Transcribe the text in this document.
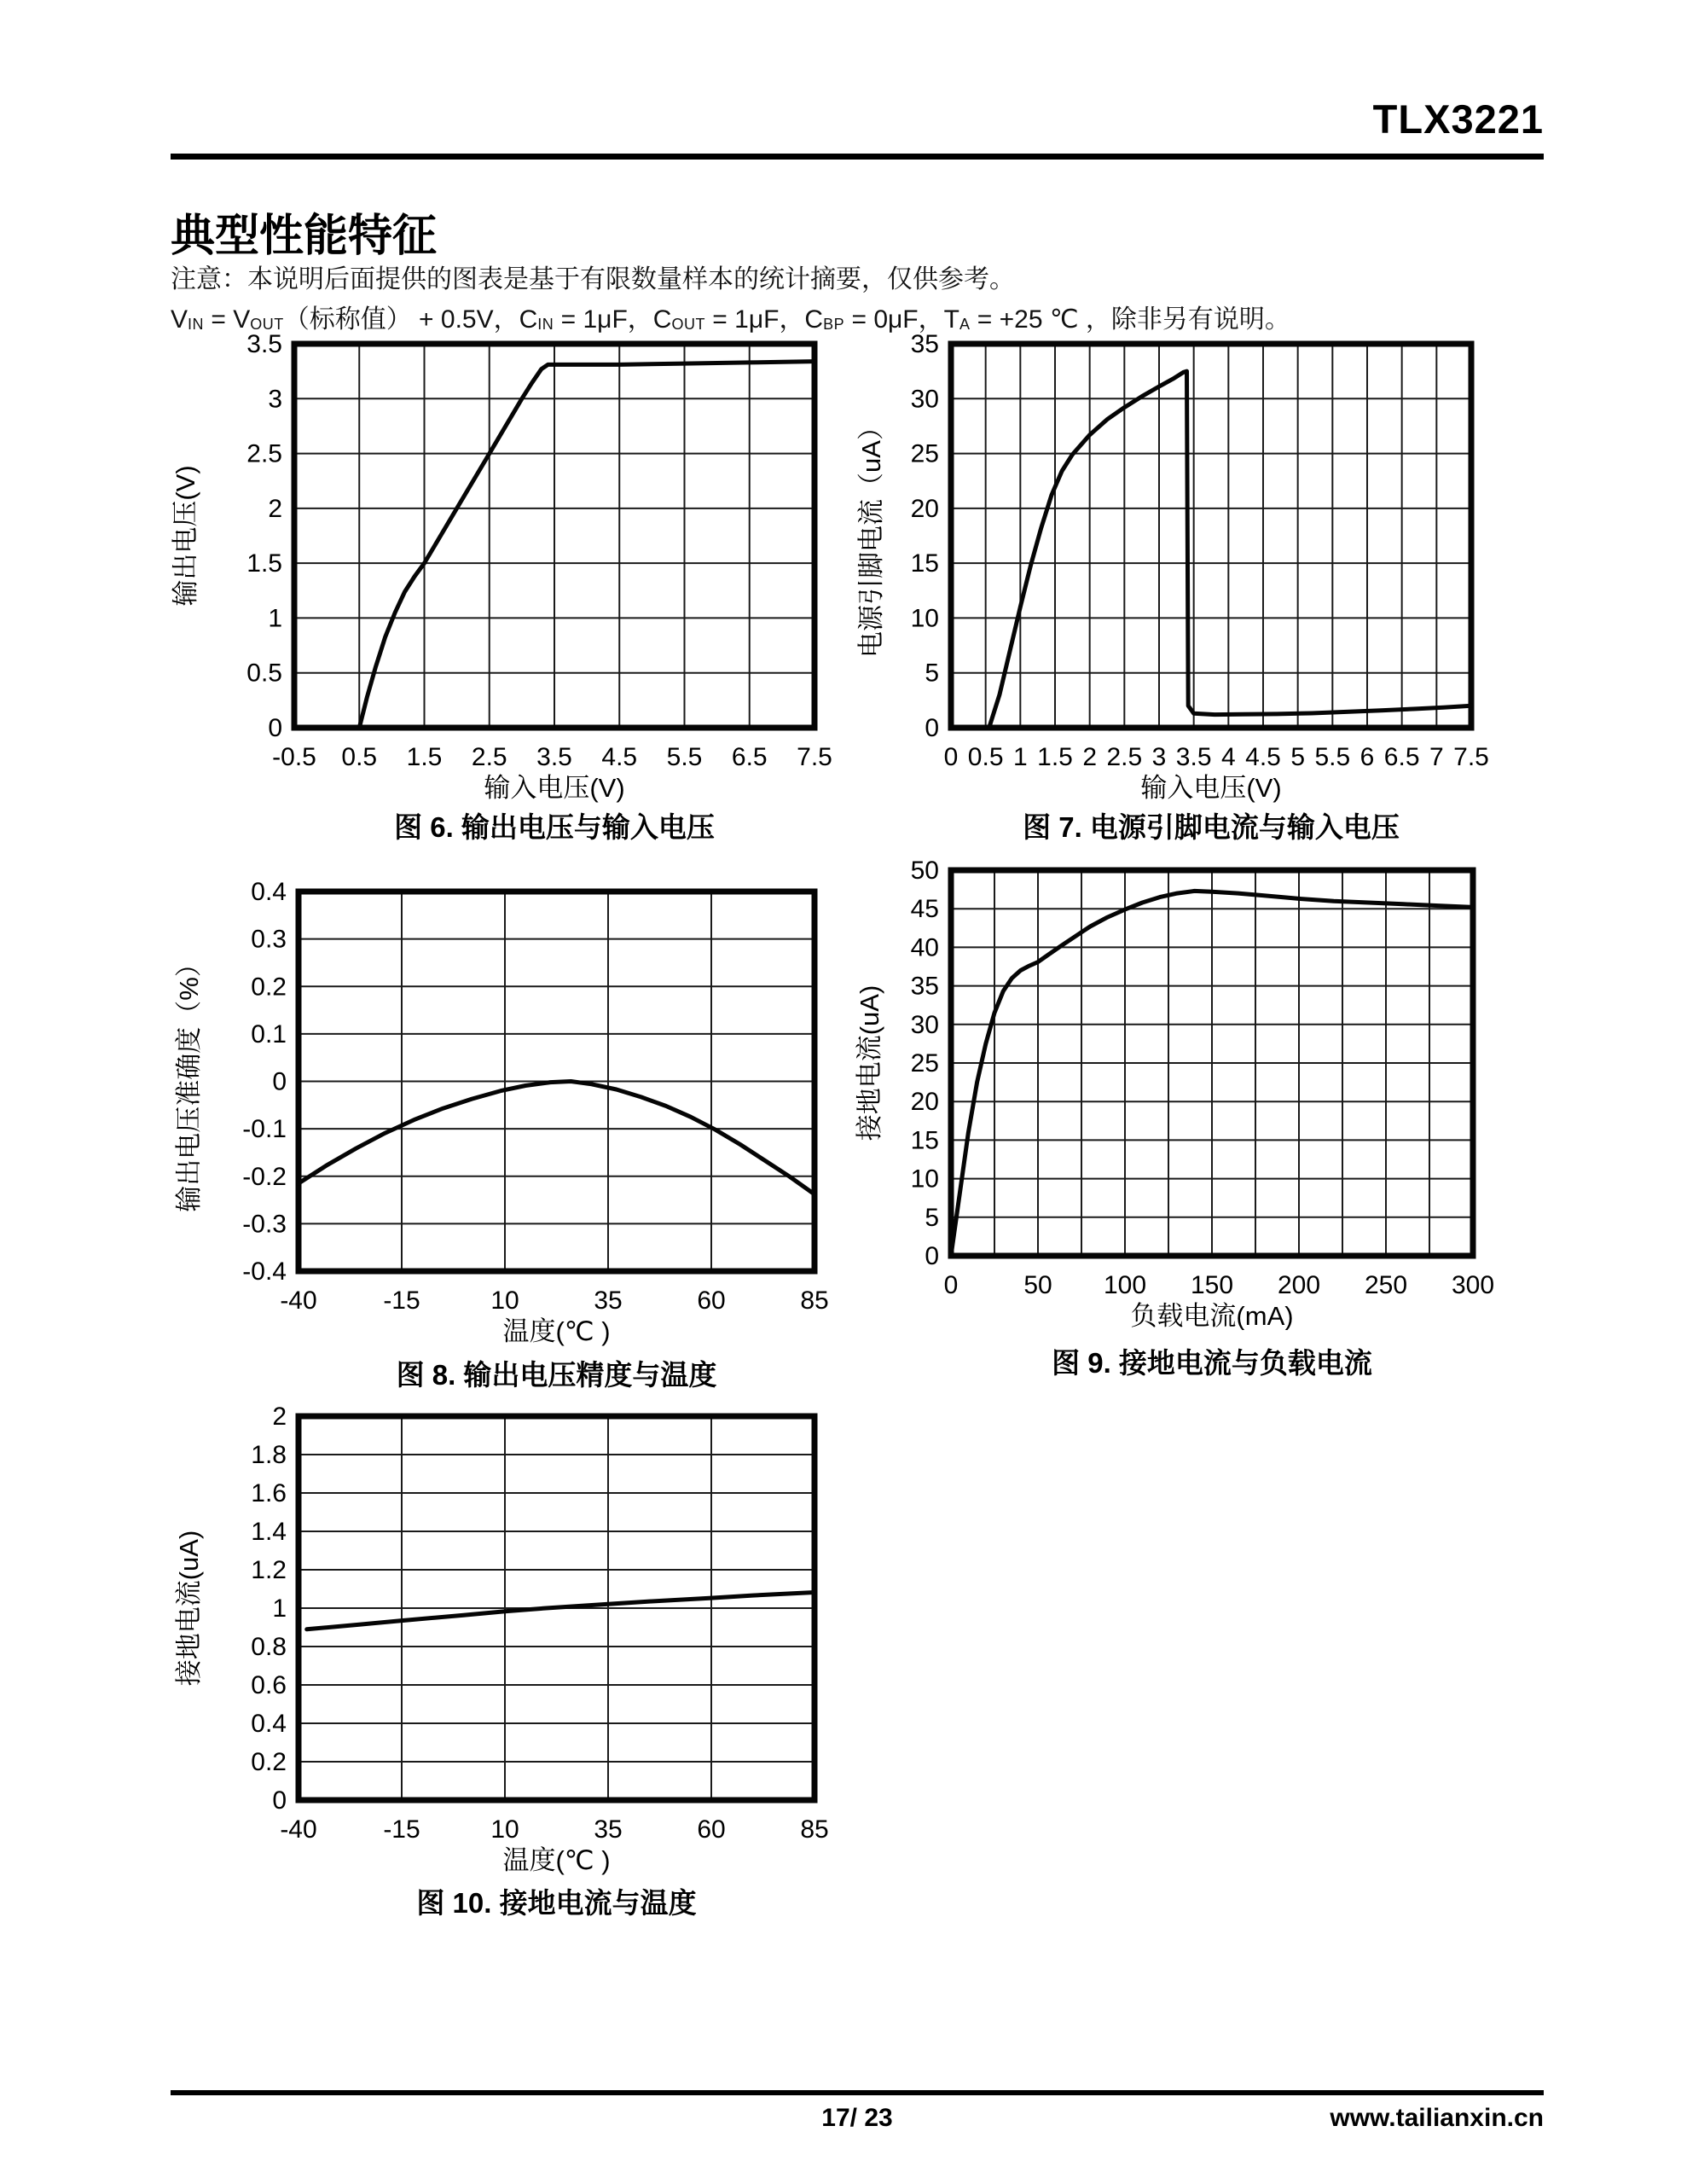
TLX3221
典型性能特征
注意：本说明后面提供的图表是基于有限数量样本的统计摘要，仅供参考。
$V_{IN} = V_{OUT}$（标称值） + 0.5V，$C_{IN} = 1\mu F$，$C_{OUT} = 1\mu F$，$C_{BP} = 0\mu F$，$T_A = +25$ ℃ ，除非另有说明。
-0.5 0.5 1.5 2.5 3.5 4.5 5.5 6.5 7.5
0
0.5
1
1.5
2
2.5
3
3.5
输入电压(V)
输出电压(V)
0 0.5 1 1.5 2 2.5 3 3.5 4 4.5 5 5.5 6 6.5 7 7.5
0
5
10
15
20
25
30
35
输入电压(V)
电源引脚电流（uA）
-40	-15	10	35	60	85
-0.4
-0.3
-0.2
-0.1
0
0.1
0.2
0.3
0.4
温度(℃ )
输出电压准确度（%）
0	50 100 150 200 250 300
0
5
10
15
20
25
30
35
40
45
50
负载电流(mA)
接地电流(uA)
-40	-15	10	35	60	85
0
0.2
0.4
0.6
0.8
1
1.2
1.4
1.6
1.8
2
温度(℃ )
接地电流(uA)
图 6. 输出电压与输入电压	图 7. 电源引脚电流与输入电压
图 8. 输出电压精度与温度	图 9. 接地电流与负载电流
图 10. 接地电流与温度
17/ 23	www.tailianxin.cn
